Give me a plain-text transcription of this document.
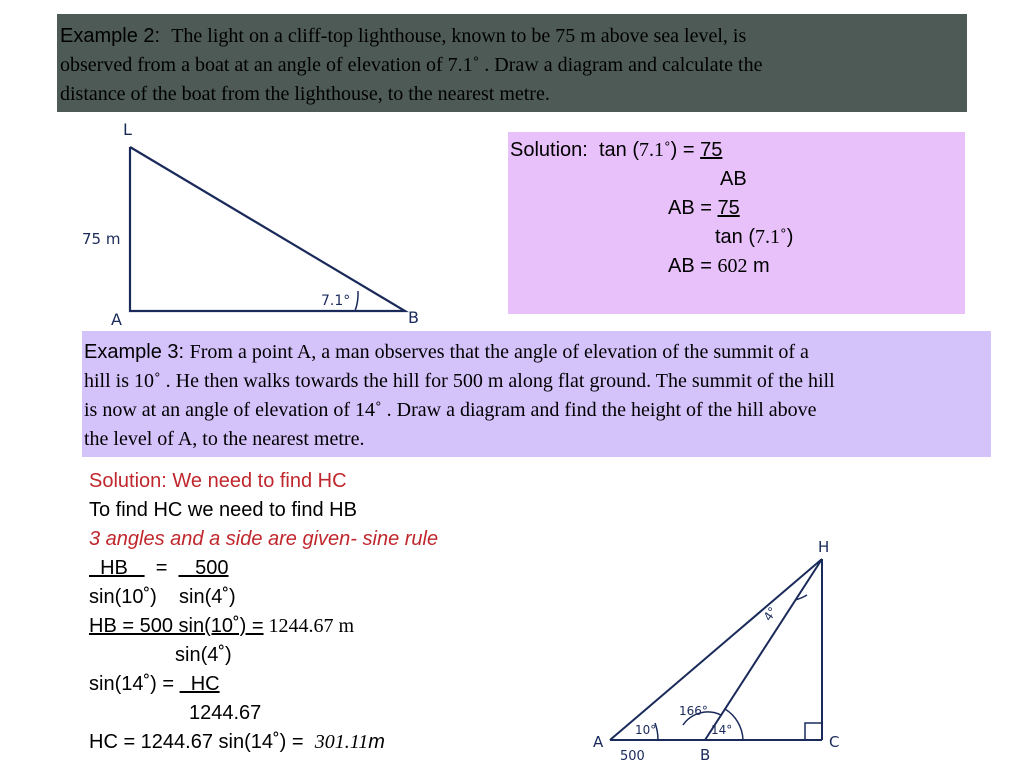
Example 2: The light on a cliff-top lighthouse, known to be 75 m above sea level, is
observed from a boat at an angle of elevation of 7.1˚ . Draw a diagram and calculate the
distance of the boat from the lighthouse, to the nearest metre.
L
A	B
75 m
7.1°
Solution: tan (7.1˚) = 75
AB
AB = 75
tan (7.1˚)
AB = 602 m
Example 3: From a point A, a man observes that the angle of elevation of the summit of a
hill is 10˚ . He then walks towards the hill for 500 m along flat ground. The summit of the hill
is now at an angle of elevation of 14˚ . Draw a diagram and find the height of the hill above
the level of A, to the nearest metre.
Solution: We need to find HC
To find HC we need to find HB
3 angles and a side are given- sine rule
HB     =     500
sin(10˚)    sin(4˚)
HB = 500 sin(10˚) = 1244.67 m
sin(4˚)
sin(14˚) =   HC
1244.67
HC = 1244.67 sin(14˚) =  301.11m
H
A
B
C
500
10°
166°
14°
4°
